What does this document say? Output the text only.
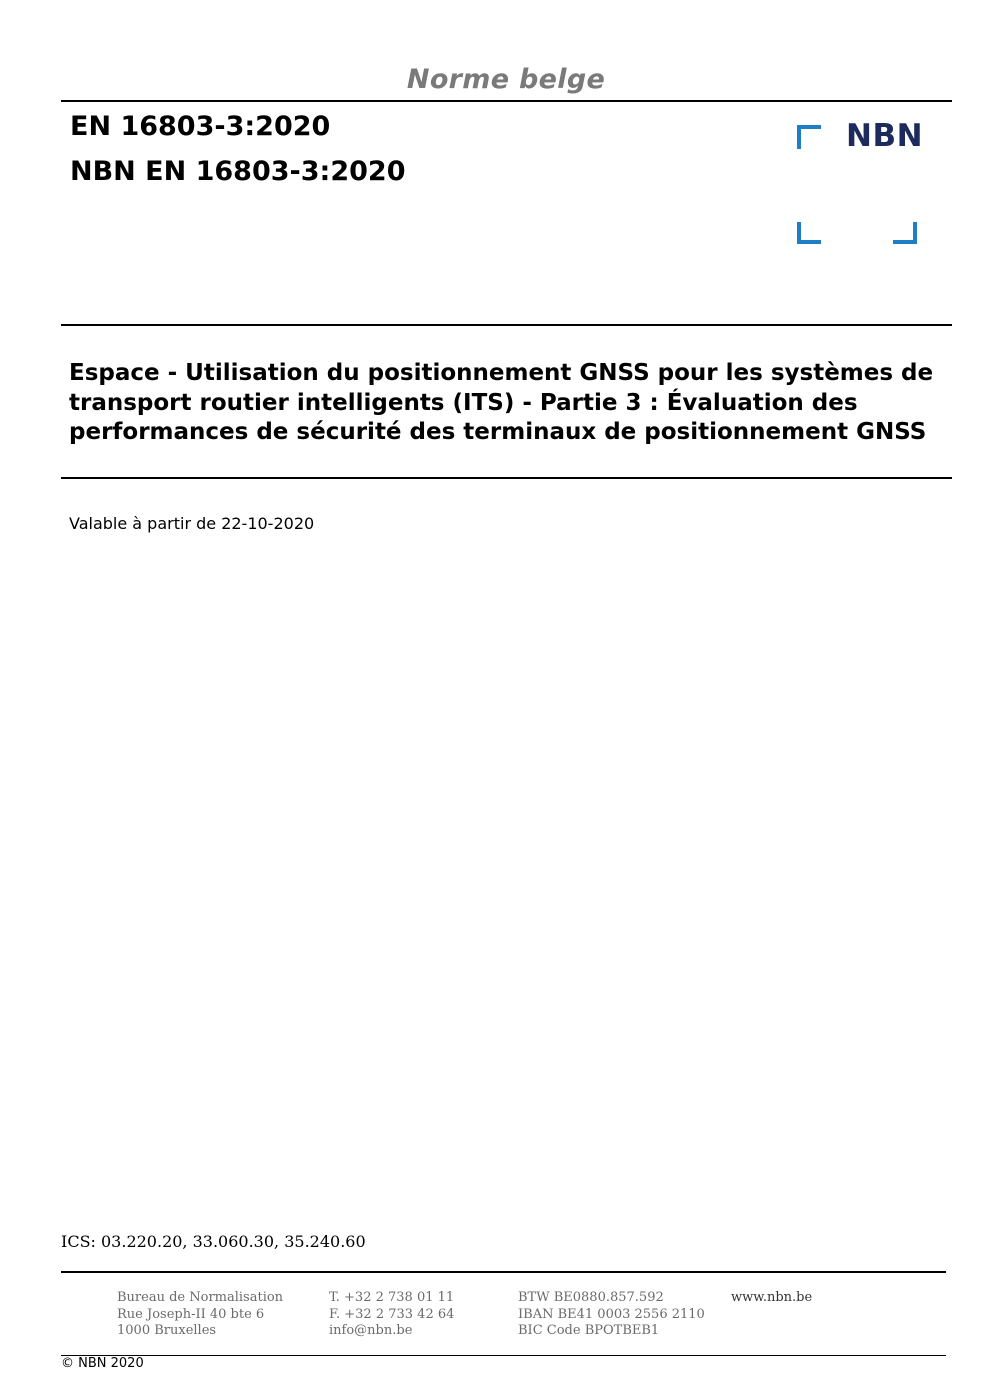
Norme belge
EN 16803-3:2020
NBN EN 16803-3:2020
NBN
Espace - Utilisation du positionnement GNSS pour les systèmes de
transport routier intelligents (ITS) - Partie 3 : Évaluation des
performances de sécurité des terminaux de positionnement GNSS
Valable à partir de 22-10-2020
ICS: 03.220.20, 33.060.30, 35.240.60
Bureau de Normalisation
Rue Joseph-II 40 bte 6
1000 Bruxelles
T. +32 2 738 01 11
F. +32 2 733 42 64
info@nbn.be
BTW BE0880.857.592
IBAN BE41 0003 2556 2110
BIC Code BPOTBEB1
www.nbn.be
© NBN 2020
